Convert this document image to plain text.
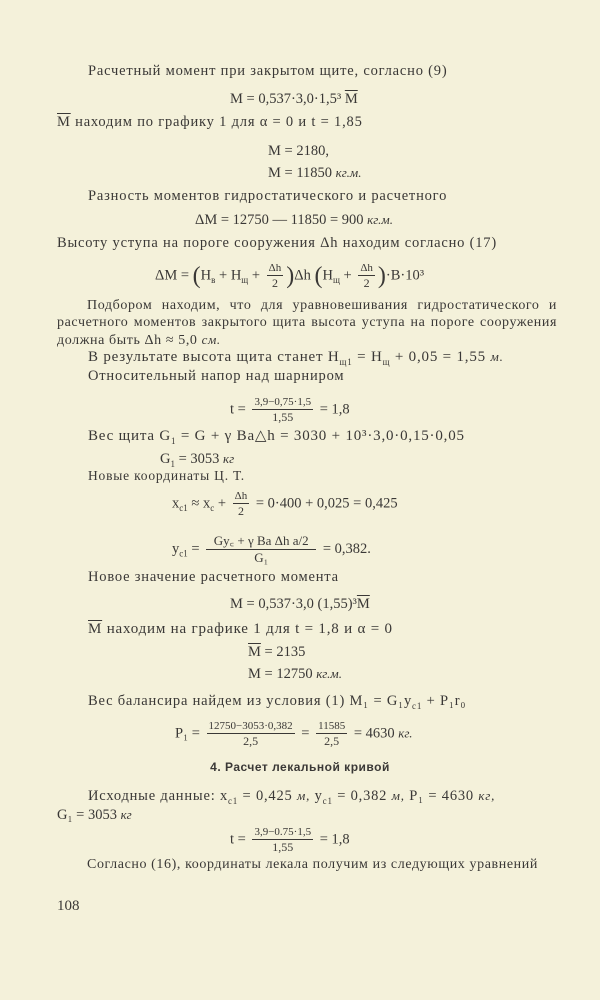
Расчетный момент при закрытом щите, согласно (9)
M = 0,537·3,0·1,5³ $\overline{M}$
$\overline{M}$ находим по графику 1 для α = 0 и t = 1,85
M = 2180,
M = 11850 кг.м.
Разность моментов гидростатического и расчетного
ΔM = 12750 — 11850 = 900 кг.м.
Высоту уступа на пороге сооружения Δh находим согласно (17)
$\Delta M = (H_в + H_щ + \frac{\Delta h}{2} )\Delta h$ $(H_щ + \frac{\Delta h}{2} )\cdot B\cdot 10^3$
Подбором находим, что для уравновешивания гидростатического и расчетного моментов закрытого щита высота уступа на пороге сооружения должна быть Δh ≈ 5,0 см.
В результате высота щита станет $H_{щ1} = H_щ + 0,05 = 1,55$ м.
Относительный напор над шарниром
$t = \frac{3,9-0,75\cdot 1,5}{1,55} = 1,8$
Вес щита $G_1 = G + \gamma$ Ba△h = 3030 + 10³·3,0·0,15·0,05
$G_1 = 3053$ кг
Новые координаты Ц. Т.
$x_{c1} \approx x_c + \frac{\Delta h}{2} = 0\cdot 400 + 0,025 = 0,425$
$y_{c1} = \frac{\text{Gy꜀ + γ Ba Δh a/2}}{\text{G₁}} = 0,382$.
Новое значение расчетного момента
M = 0,537·3,0 $(1,55)^3\overline{M}$
$\overline{M}$ находим на графике 1 для t = 1,8 и α = 0
$\overline{M} = 2135$
M = 12750 кг.м.
Вес балансира найдем из условия (1) $M_1 = G_1y_{c1} + P_1r_0$
$P_1 = \frac{12750-3053\cdot 0,382}{2,5} = \frac{11585}{2,5} = 4630$ кг.
4. Расчет лекальной кривой
Исходные данные: $x_{c1} = 0,425$ м, $y_{c1} = 0,382$ м, P₁ = 4630 кг,
G₁ = 3053 кг
$t = \frac{3,9-0.75\cdot 1,5}{1,55} = 1,8$
Согласно (16), координаты лекала получим из следующих уравнений
108
